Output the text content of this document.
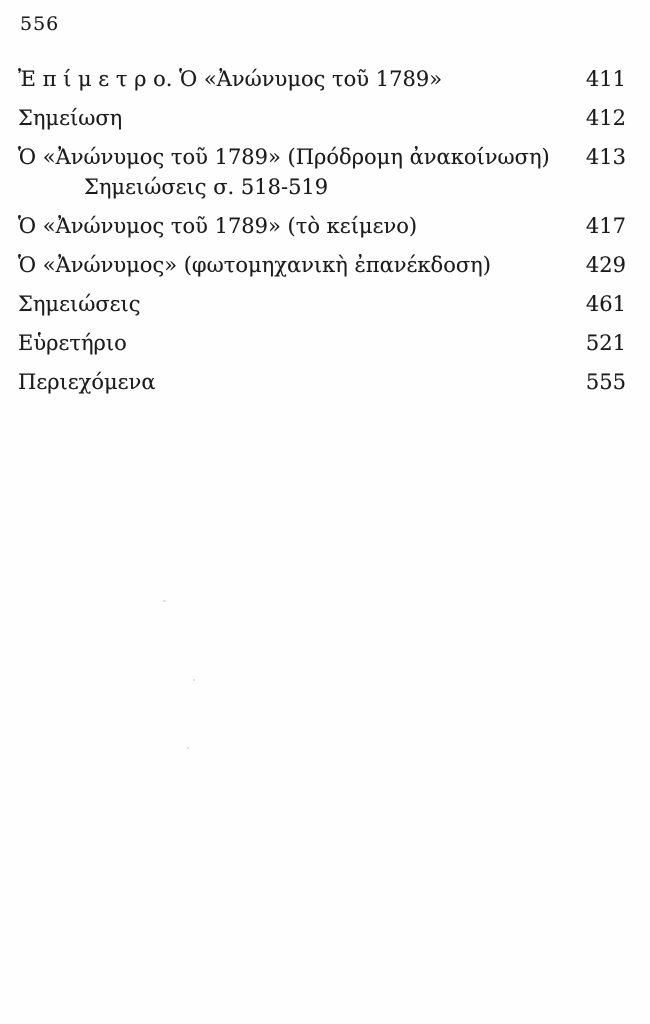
556
Ἐ π ί μ ε τ ρ ο. Ὁ «Ἀνώνυμος τοῦ 1789»	411
Σημείωση	412
Ὁ «Ἀνώνυμος τοῦ 1789» (Πρόδρομη ἀνακοίνωση)	413
Σημειώσεις σ. 518-519
Ὁ «Ἀνώνυμος τοῦ 1789» (τὸ κείμενο)	417
Ὁ «Ἀνώνυμος» (φωτομηχανικὴ ἐπανέκδοση)	429
Σημειώσεις	461
Εὑρετήριο	521
Περιεχόμενα	555
